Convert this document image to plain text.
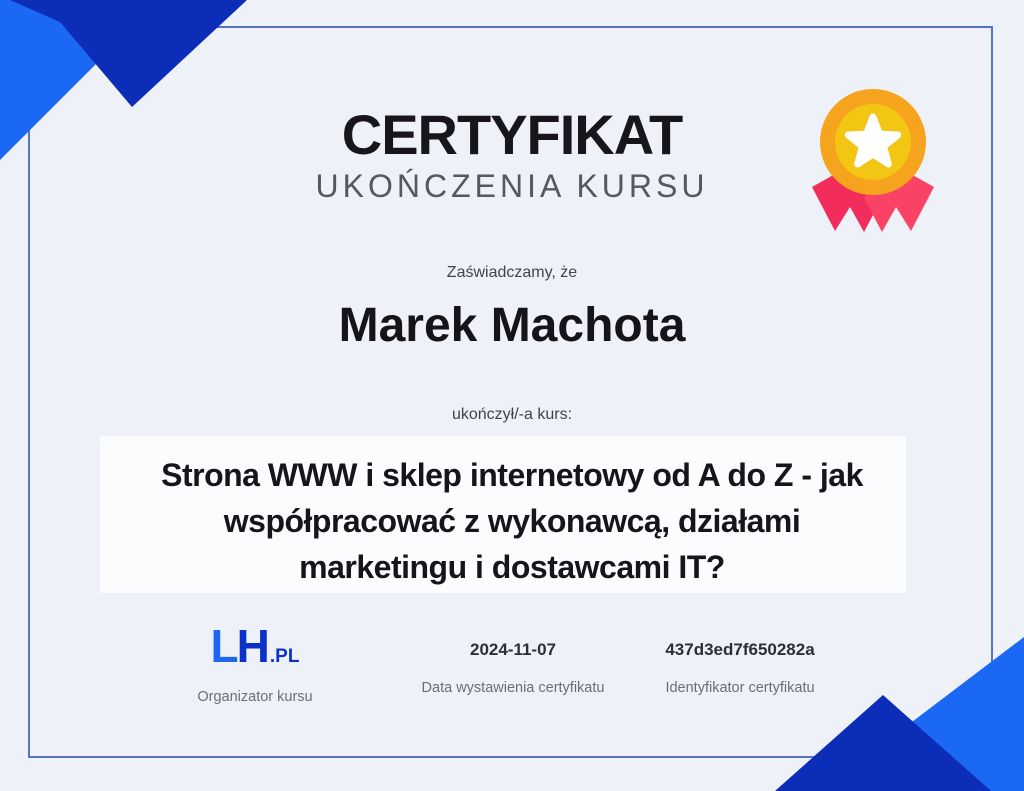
CERTYFIKAT
UKOŃCZENIA KURSU
Zaświadczamy, że
Marek Machota
ukończył/-a kurs:
Strona WWW i sklep internetowy od A do Z - jak
współpracować z wykonawcą, działami
marketingu i dostawcami IT?
L H .PL
Organizator kursu
2024-11-07
Data wystawienia certyfikatu
437d3ed7f650282a
Identyfikator certyfikatu
